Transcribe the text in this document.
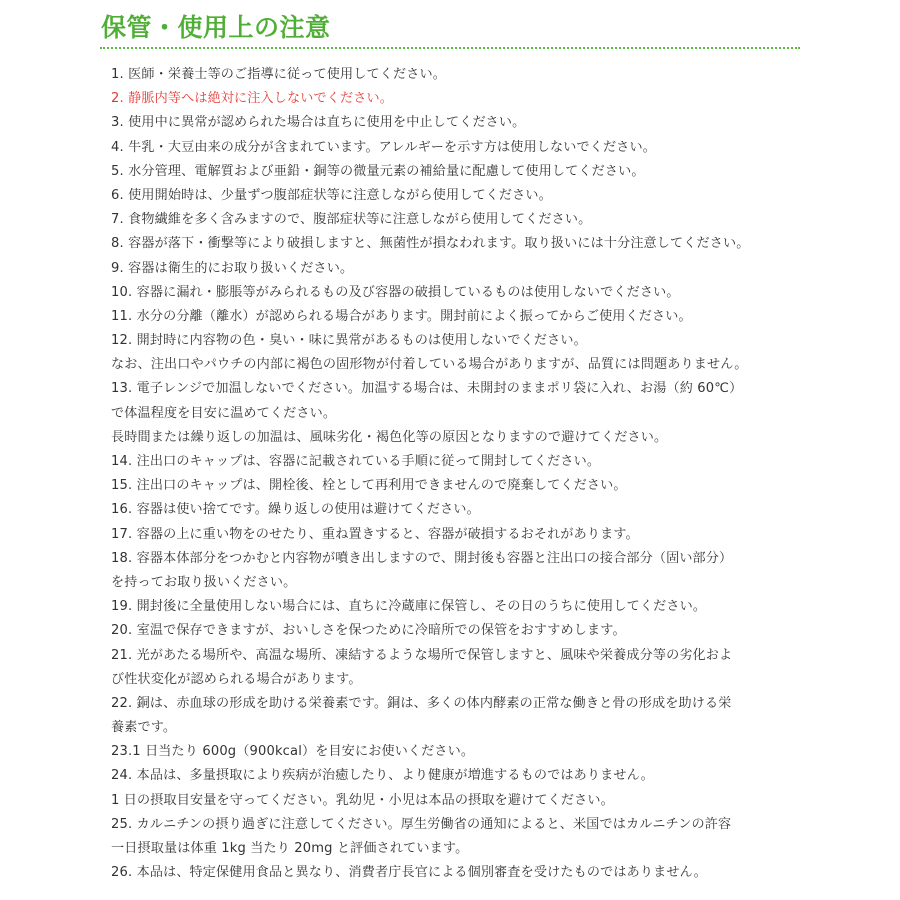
保管・使用上の注意
1. 医師・栄養士等のご指導に従って使用してください。
2. 静脈内等へは絶対に注入しないでください。
3. 使用中に異常が認められた場合は直ちに使用を中止してください。
4. 牛乳・大豆由来の成分が含まれています。アレルギーを示す方は使用しないでください。
5. 水分管理、電解質および亜鉛・銅等の微量元素の補給量に配慮して使用してください。
6. 使用開始時は、少量ずつ腹部症状等に注意しながら使用してください。
7. 食物繊維を多く含みますので、腹部症状等に注意しながら使用してください。
8. 容器が落下・衝撃等により破損しますと、無菌性が損なわれます。取り扱いには十分注意してください。
9. 容器は衛生的にお取り扱いください。
10. 容器に漏れ・膨脹等がみられるもの及び容器の破損しているものは使用しないでください。
11. 水分の分離（離水）が認められる場合があります。開封前によく振ってからご使用ください。
12. 開封時に内容物の色・臭い・味に異常があるものは使用しないでください。
なお、注出口やパウチの内部に褐色の固形物が付着している場合がありますが、品質には問題ありません。
13. 電子レンジで加温しないでください。加温する場合は、未開封のままポリ袋に入れ、お湯（約 60℃）
で体温程度を目安に温めてください。
長時間または繰り返しの加温は、風味劣化・褐色化等の原因となりますので避けてください。
14. 注出口のキャップは、容器に記載されている手順に従って開封してください。
15. 注出口のキャップは、開栓後、栓として再利用できませんので廃棄してください。
16. 容器は使い捨てです。繰り返しの使用は避けてください。
17. 容器の上に重い物をのせたり、重ね置きすると、容器が破損するおそれがあります。
18. 容器本体部分をつかむと内容物が噴き出しますので、開封後も容器と注出口の接合部分（固い部分）
を持ってお取り扱いください。
19. 開封後に全量使用しない場合には、直ちに冷蔵庫に保管し、その日のうちに使用してください。
20. 室温で保存できますが、おいしさを保つために冷暗所での保管をおすすめします。
21. 光があたる場所や、高温な場所、凍結するような場所で保管しますと、風味や栄養成分等の劣化およ
び性状変化が認められる場合があります。
22. 銅は、赤血球の形成を助ける栄養素です。銅は、多くの体内酵素の正常な働きと骨の形成を助ける栄
養素です。
23.1 日当たり 600g（900kcal）を目安にお使いください。
24. 本品は、多量摂取により疾病が治癒したり、より健康が増進するものではありません。
1 日の摂取目安量を守ってください。乳幼児・小児は本品の摂取を避けてください。
25. カルニチンの摂り過ぎに注意してください。厚生労働省の通知によると、米国ではカルニチンの許容
一日摂取量は体重 1kg 当たり 20mg と評価されています。
26. 本品は、特定保健用食品と異なり、消費者庁長官による個別審査を受けたものではありません。
